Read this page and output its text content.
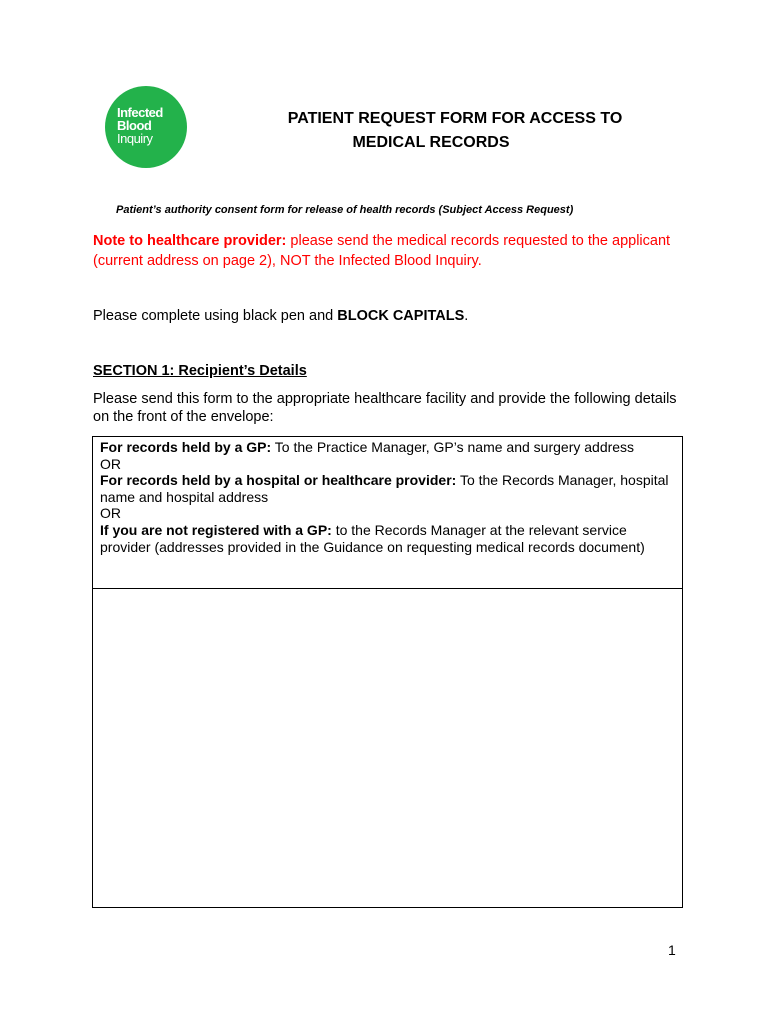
Infected
Blood
Inquiry

PATIENT REQUEST FORM FOR ACCESS TO

MEDICAL RECORDS

Patient’s authority consent form for release of health records (Subject Access Request)

Note to healthcare provider: please send the medical records requested to the applicant (current address on page 2), NOT the Infected Blood Inquiry.

Please complete using black pen and BLOCK CAPITALS.

SECTION 1: Recipient’s Details

Please send this form to the appropriate healthcare facility and provide the following details on the front of the envelope:

For records held by a GP: To the Practice Manager, GP’s name and surgery address

OR

For records held by a hospital or healthcare provider: To the Records Manager, hospital name and hospital address

OR

If you are not registered with a GP: to the Records Manager at the relevant service provider (addresses provided in the Guidance on requesting medical records document)

1
